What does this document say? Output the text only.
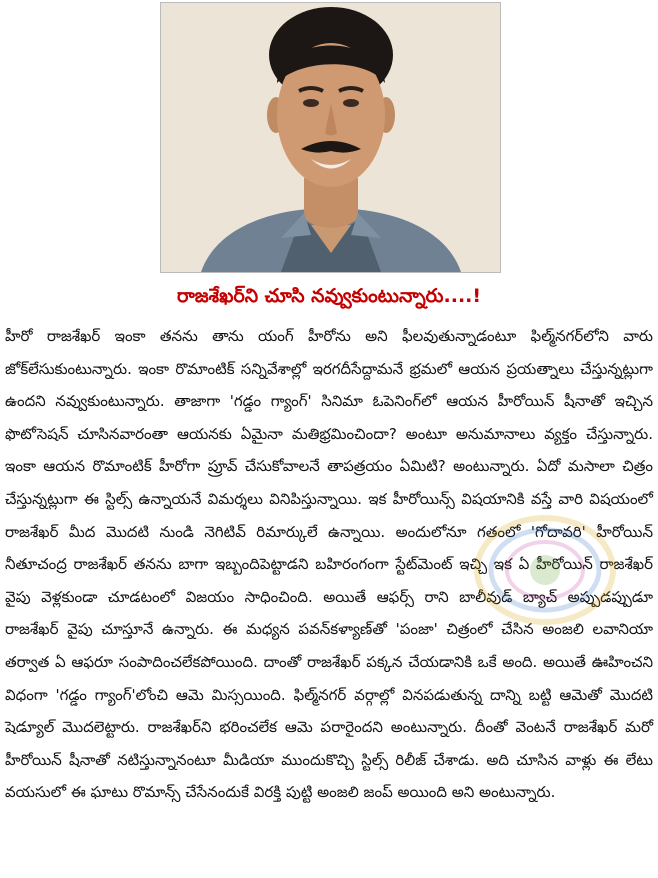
రాజశేఖర్‌ని చూసి నవ్వుకుంటున్నారు....!

హీరో రాజశేఖర్ ఇంకా తనను తాను యంగ్ హీరోను అని ఫీలవుతున్నాడంటూ ఫిల్మ్‌నగర్‌లోని వారు జోక్‌లేసుకుంటున్నారు. ఇంకా రొమాంటిక్ సన్నివేశాల్లో ఇరగదీసేద్దామనే భ్రమలో ఆయన ప్రయత్నాలు చేస్తున్నట్లుగా ఉందని నవ్వుకుంటున్నారు. తాజాగా 'గడ్డం గ్యాంగ్' సినిమా ఓపెనింగ్‌లో ఆయన హీరోయిన్ షీనాతో ఇచ్చిన ఫొటోసెషన్ చూసినవారంతా ఆయనకు ఏమైనా మతిభ్రమించిందా? అంటూ అనుమానాలు వ్యక్తం చేస్తున్నారు. ఇంకా ఆయన రొమాంటిక్ హీరోగా ప్రూవ్ చేసుకోవాలనే తాపత్రయం ఏమిటి? అంటున్నారు. ఏదో మసాలా చిత్రం చేస్తున్నట్లుగా ఈ స్టిల్స్ ఉన్నాయనే విమర్శలు వినిపిస్తున్నాయి. ఇక హీరోయిన్స్ విషయానికి వస్తే వారి విషయంలో రాజశేఖర్ మీద మొదటి నుండి నెగిటివ్ రిమార్కులే ఉన్నాయి. అందులోనూ గతంలో 'గోదావరి' హీరోయిన్ నీతూచంద్ర రాజశేఖర్ తనను బాగా ఇబ్బందిపెట్టాడని బహిరంగంగా స్టేట్‌మెంట్ ఇచ్చి ఇక ఏ హీరోయిన్ రాజశేఖర్ వైపు వెళ్లకుండా చూడటంలో విజయం సాధించింది. అయితే ఆఫర్స్ రాని బాలీవుడ్ బ్యాచ్ అప్పుడప్పుడూ రాజశేఖర్ వైపు చూస్తూనే ఉన్నారు. ఈ మధ్యన పవన్‌కళ్యాణ్‌తో 'పంజా' చిత్రంలో చేసిన అంజలి లవానియా తర్వాత ఏ ఆఫరూ సంపాదించలేకపోయింది. దాంతో రాజశేఖర్ పక్కన చేయడానికి ఒకే అంది. అయితే ఊహించని విధంగా 'గడ్డం గ్యాంగ్'లోంచి ఆమె మిస్సయింది. ఫిల్మ్‌నగర్ వర్గాల్లో వినపడుతున్న దాన్ని బట్టి ఆమెతో మొదటి షెడ్యూల్ మొదలెట్టారు. రాజశేఖర్‌ని భరించలేక ఆమె పరారైందని అంటున్నారు. దీంతో వెంటనే రాజశేఖర్ మరో హీరోయిన్ షీనాతో నటిస్తున్నానంటూ మీడియా ముందుకొచ్చి స్టిల్స్ రిలీజ్ చేశాడు. అది చూసిన వాళ్లు ఈ లేటు వయసులో ఈ ఘాటు రొమాన్స్ చేసేనందుకే విరక్తి పుట్టి అంజలి జంప్ అయింది అని అంటున్నారు.
